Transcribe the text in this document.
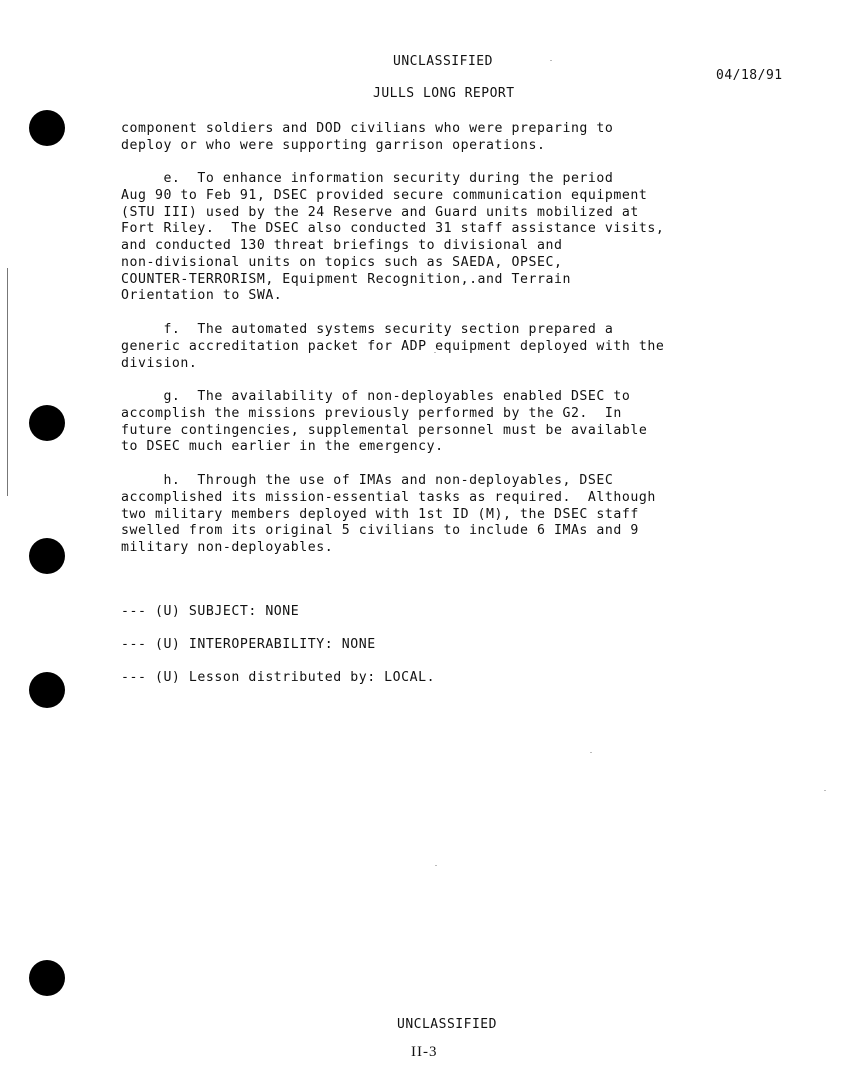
UNCLASSIFIED
04/18/91
JULLS LONG REPORT
component soldiers and DOD civilians who were preparing to
deploy or who were supporting garrison operations.
e.  To enhance information security during the period
Aug 90 to Feb 91, DSEC provided secure communication equipment
(STU III) used by the 24 Reserve and Guard units mobilized at
Fort Riley.  The DSEC also conducted 31 staff assistance visits,
and conducted 130 threat briefings to divisional and
non-divisional units on topics such as SAEDA, OPSEC,
COUNTER-TERRORISM, Equipment Recognition,.and Terrain
Orientation to SWA.
f.  The automated systems security section prepared a
generic accreditation packet for ADP equipment deployed with the
division.
g.  The availability of non-deployables enabled DSEC to
accomplish the missions previously performed by the G2.  In
future contingencies, supplemental personnel must be available
to DSEC much earlier in the emergency.
h.  Through the use of IMAs and non-deployables, DSEC
accomplished its mission-essential tasks as required.  Although
two military members deployed with 1st ID (M), the DSEC staff
swelled from its original 5 civilians to include 6 IMAs and 9
military non-deployables.
--- (U) SUBJECT: NONE
--- (U) INTEROPERABILITY: NONE
--- (U) Lesson distributed by: LOCAL.
UNCLASSIFIED
II-3
